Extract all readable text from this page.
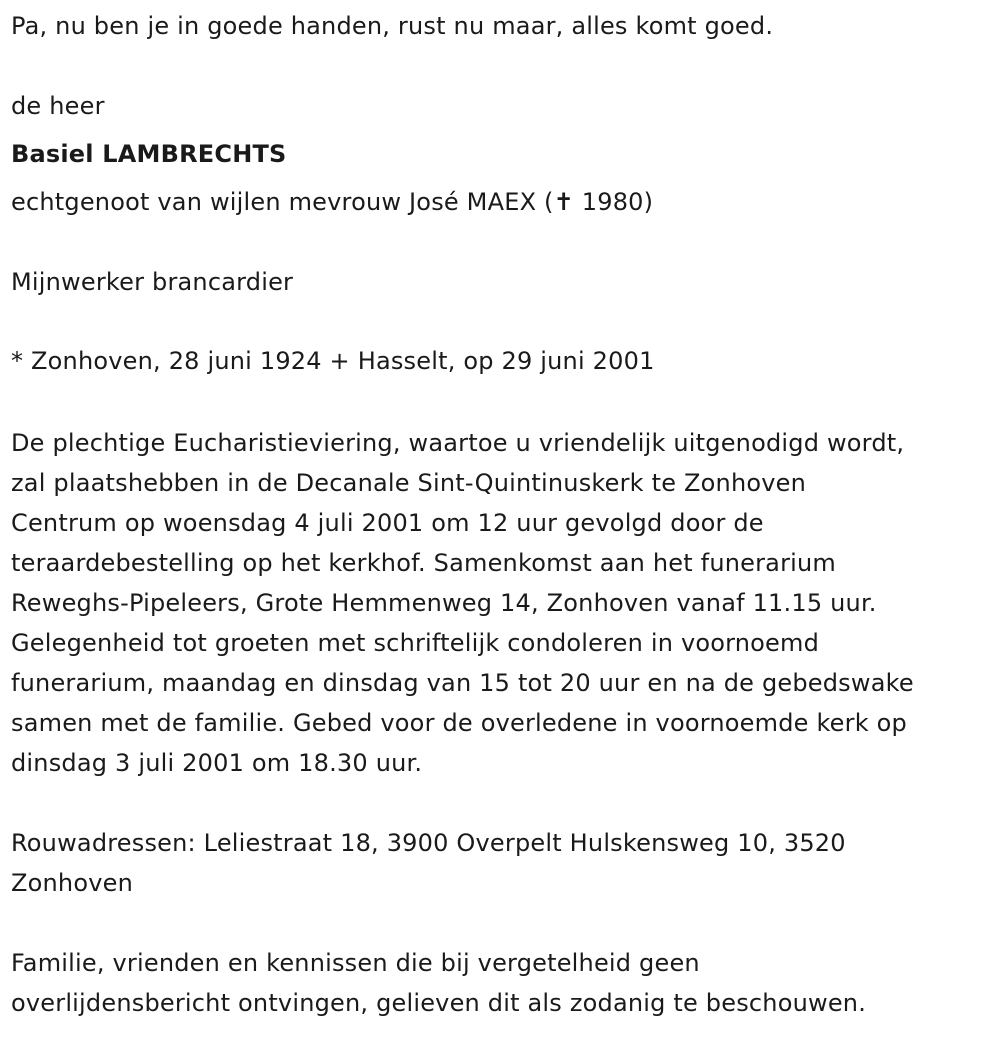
Pa, nu ben je in goede handen, rust nu maar, alles komt goed.

de heer

Basiel LAMBRECHTS

echtgenoot van wijlen mevrouw José MAEX (✝ 1980)

Mijnwerker brancardier

* Zonhoven, 28 juni 1924 + Hasselt, op 29 juni 2001

De plechtige Eucharistieviering, waartoe u vriendelijk uitgenodigd wordt,
zal plaatshebben in de Decanale Sint-Quintinuskerk te Zonhoven
Centrum op woensdag 4 juli 2001 om 12 uur gevolgd door de
teraardebestelling op het kerkhof. Samenkomst aan het funerarium
Reweghs-Pipeleers, Grote Hemmenweg 14, Zonhoven vanaf 11.15 uur.
Gelegenheid tot groeten met schriftelijk condoleren in voornoemd
funerarium, maandag en dinsdag van 15 tot 20 uur en na de gebedswake
samen met de familie. Gebed voor de overledene in voornoemde kerk op
dinsdag 3 juli 2001 om 18.30 uur.
Rouwadressen: Leliestraat 18, 3900 Overpelt Hulskensweg 10, 3520
Zonhoven
Familie, vrienden en kennissen die bij vergetelheid geen
overlijdensbericht ontvingen, gelieven dit als zodanig te beschouwen.
